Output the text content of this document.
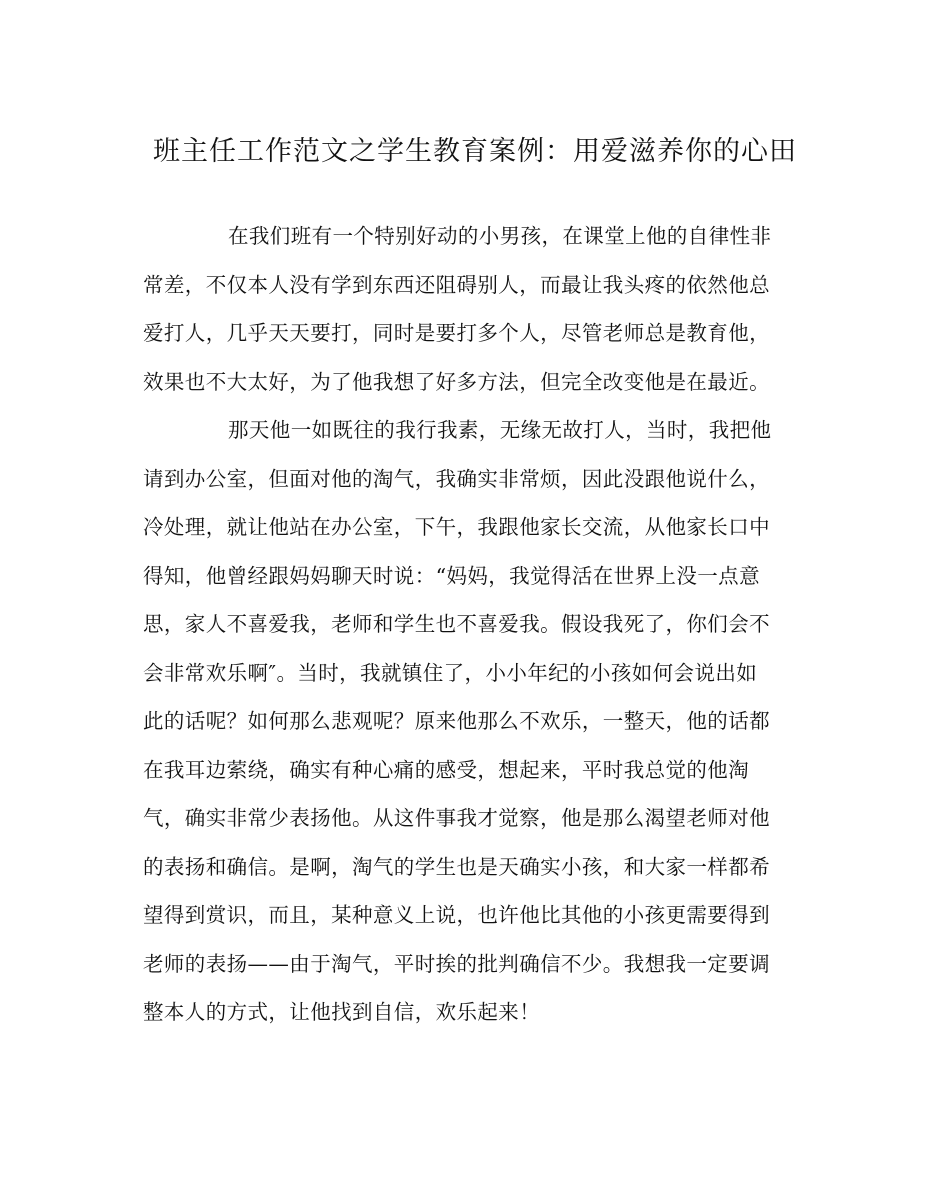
班主任工作范文之学生教育案例：用爱滋养你的心田
在我们班有一个特别好动的小男孩，在课堂上他的自律性非
常差，不仅本人没有学到东西还阻碍别人，而最让我头疼的依然他总
爱打人，几乎天天要打，同时是要打多个人，尽管老师总是教育他，
效果也不大太好，为了他我想了好多方法，但完全改变他是在最近。
那天他一如既往的我行我素，无缘无故打人，当时，我把他
请到办公室，但面对他的淘气，我确实非常烦，因此没跟他说什么，
冷处理，就让他站在办公室，下午，我跟他家长交流，从他家长口中
得知，他曾经跟妈妈聊天时说：“妈妈，我觉得活在世界上没一点意
思，家人不喜爱我，老师和学生也不喜爱我。假设我死了，你们会不
会非常欢乐啊″。当时，我就镇住了，小小年纪的小孩如何会说出如
此的话呢？如何那么悲观呢？原来他那么不欢乐，一整天，他的话都
在我耳边萦绕，确实有种心痛的感受，想起来，平时我总觉的他淘
气，确实非常少表扬他。从这件事我才觉察，他是那么渴望老师对他
的表扬和确信。是啊，淘气的学生也是天确实小孩，和大家一样都希
望得到赏识，而且，某种意义上说，也许他比其他的小孩更需要得到
老师的表扬——由于淘气，平时挨的批判确信不少。我想我一定要调
整本人的方式，让他找到自信，欢乐起来！
